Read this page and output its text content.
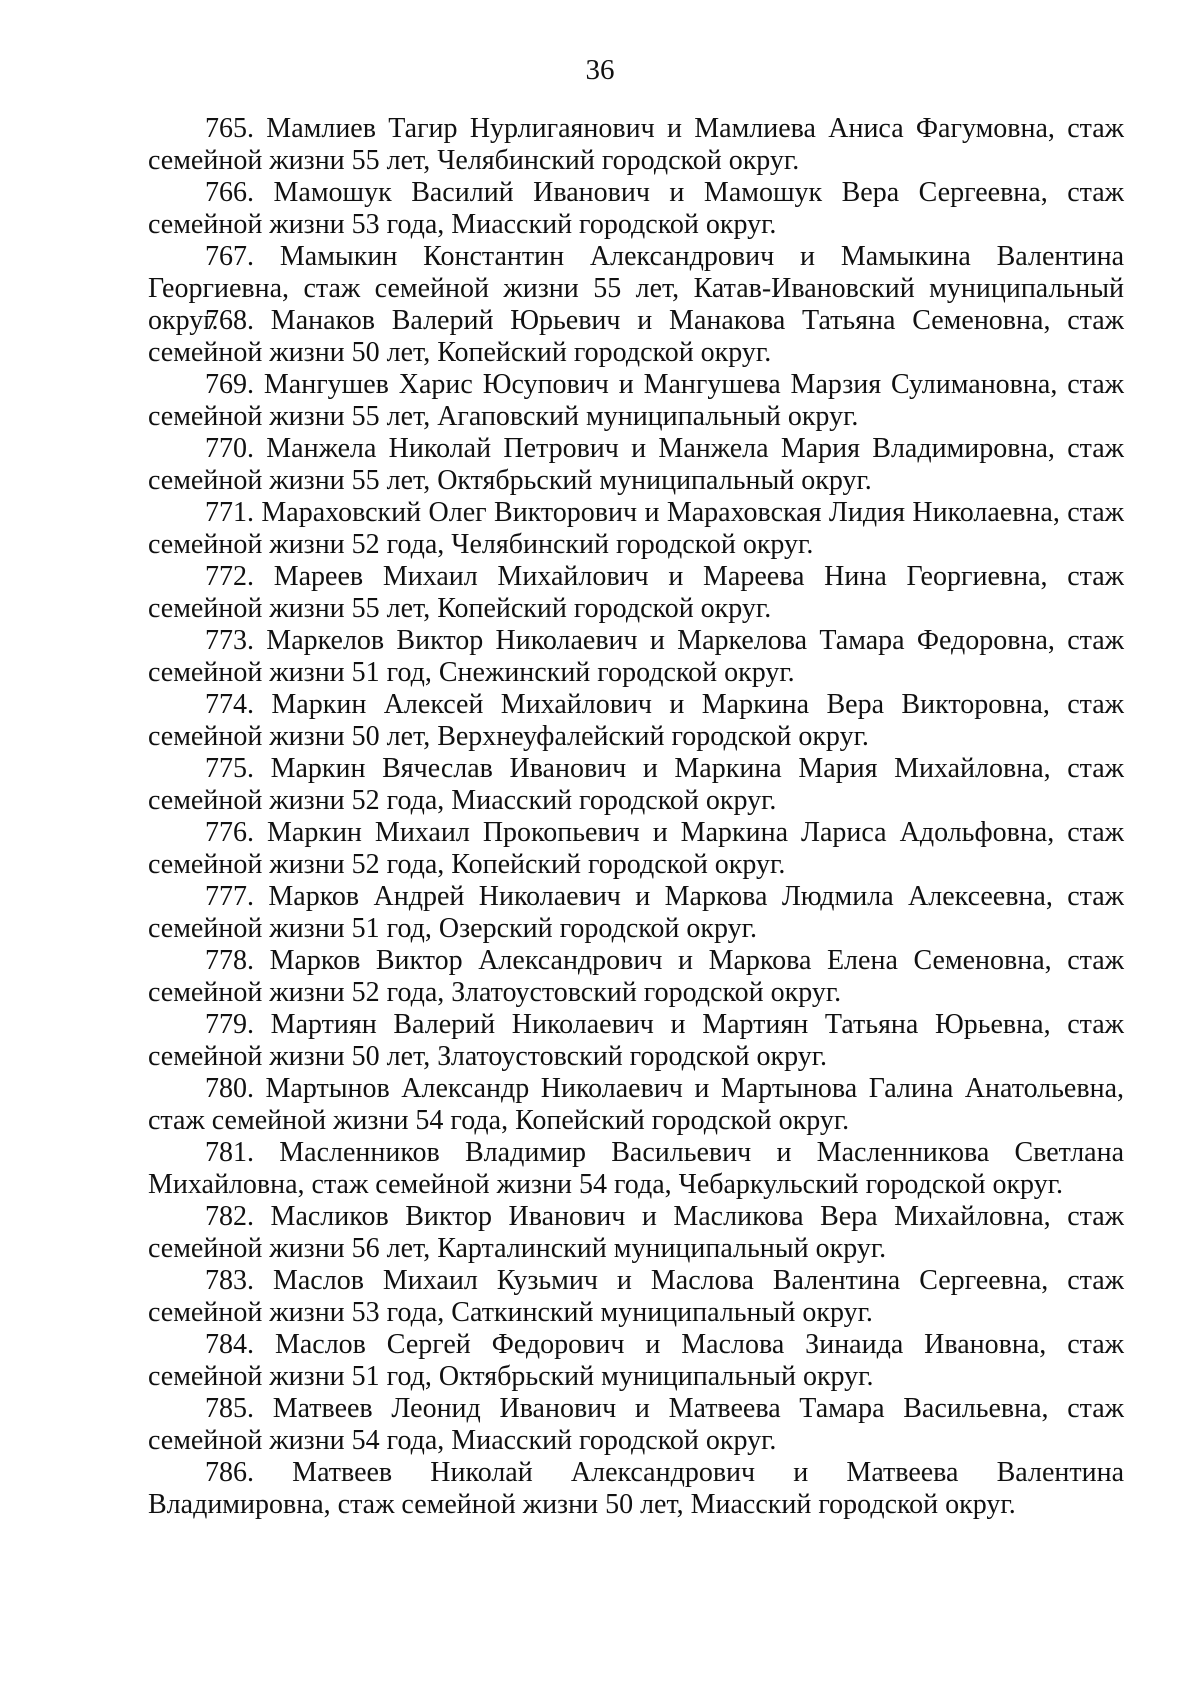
36

765. Мамлиев Тагир Нурлигаянович и Мамлиева Аниса Фагумовна, стаж семейной жизни 55 лет, Челябинский городской округ.

766. Мамошук Василий Иванович и Мамошук Вера Сергеевна, стаж семейной жизни 53 года, Миасский городской округ.

767. Мамыкин Константин Александрович и Мамыкина Валентина Георгиевна, стаж семейной жизни 55 лет, Катав-Ивановский муниципальный округ.

768. Манаков Валерий Юрьевич и Манакова Татьяна Семеновна, стаж семейной жизни 50 лет, Копейский городской округ.

769. Мангушев Харис Юсупович и Мангушева Марзия Сулимановна, стаж семейной жизни 55 лет, Агаповский муниципальный округ.

770. Манжела Николай Петрович и Манжела Мария Владимировна, стаж семейной жизни 55 лет, Октябрьский муниципальный округ.

771. Мараховский Олег Викторович и Мараховская Лидия Николаевна, стаж семейной жизни 52 года, Челябинский городской округ.

772. Мареев Михаил Михайлович и Мареева Нина Георгиевна, стаж семейной жизни 55 лет, Копейский городской округ.

773. Маркелов Виктор Николаевич и Маркелова Тамара Федоровна, стаж семейной жизни 51 год, Снежинский городской округ.

774. Маркин Алексей Михайлович и Маркина Вера Викторовна, стаж семейной жизни 50 лет, Верхнеуфалейский городской округ.

775. Маркин Вячеслав Иванович и Маркина Мария Михайловна, стаж семейной жизни 52 года, Миасский городской округ.

776. Маркин Михаил Прокопьевич и Маркина Лариса Адольфовна, стаж семейной жизни 52 года, Копейский городской округ.

777. Марков Андрей Николаевич и Маркова Людмила Алексеевна, стаж семейной жизни 51 год, Озерский городской округ.

778. Марков Виктор Александрович и Маркова Елена Семеновна, стаж семейной жизни 52 года, Златоустовский городской округ.

779. Мартиян Валерий Николаевич и Мартиян Татьяна Юрьевна, стаж семейной жизни 50 лет, Златоустовский городской округ.

780. Мартынов Александр Николаевич и Мартынова Галина Анатольевна, стаж семейной жизни 54 года, Копейский городской округ.

781. Масленников Владимир Васильевич и Масленникова Светлана Михайловна, стаж семейной жизни 54 года, Чебаркульский городской округ.

782. Масликов Виктор Иванович и Масликова Вера Михайловна, стаж семейной жизни 56 лет, Карталинский муниципальный округ.

783. Маслов Михаил Кузьмич и Маслова Валентина Сергеевна, стаж семейной жизни 53 года, Саткинский муниципальный округ.

784. Маслов Сергей Федорович и Маслова Зинаида Ивановна, стаж семейной жизни 51 год, Октябрьский муниципальный округ.

785. Матвеев Леонид Иванович и Матвеева Тамара Васильевна, стаж семейной жизни 54 года, Миасский городской округ.

786. Матвеев Николай Александрович и Матвеева Валентина Владимировна, стаж семейной жизни 50 лет, Миасский городской округ.
